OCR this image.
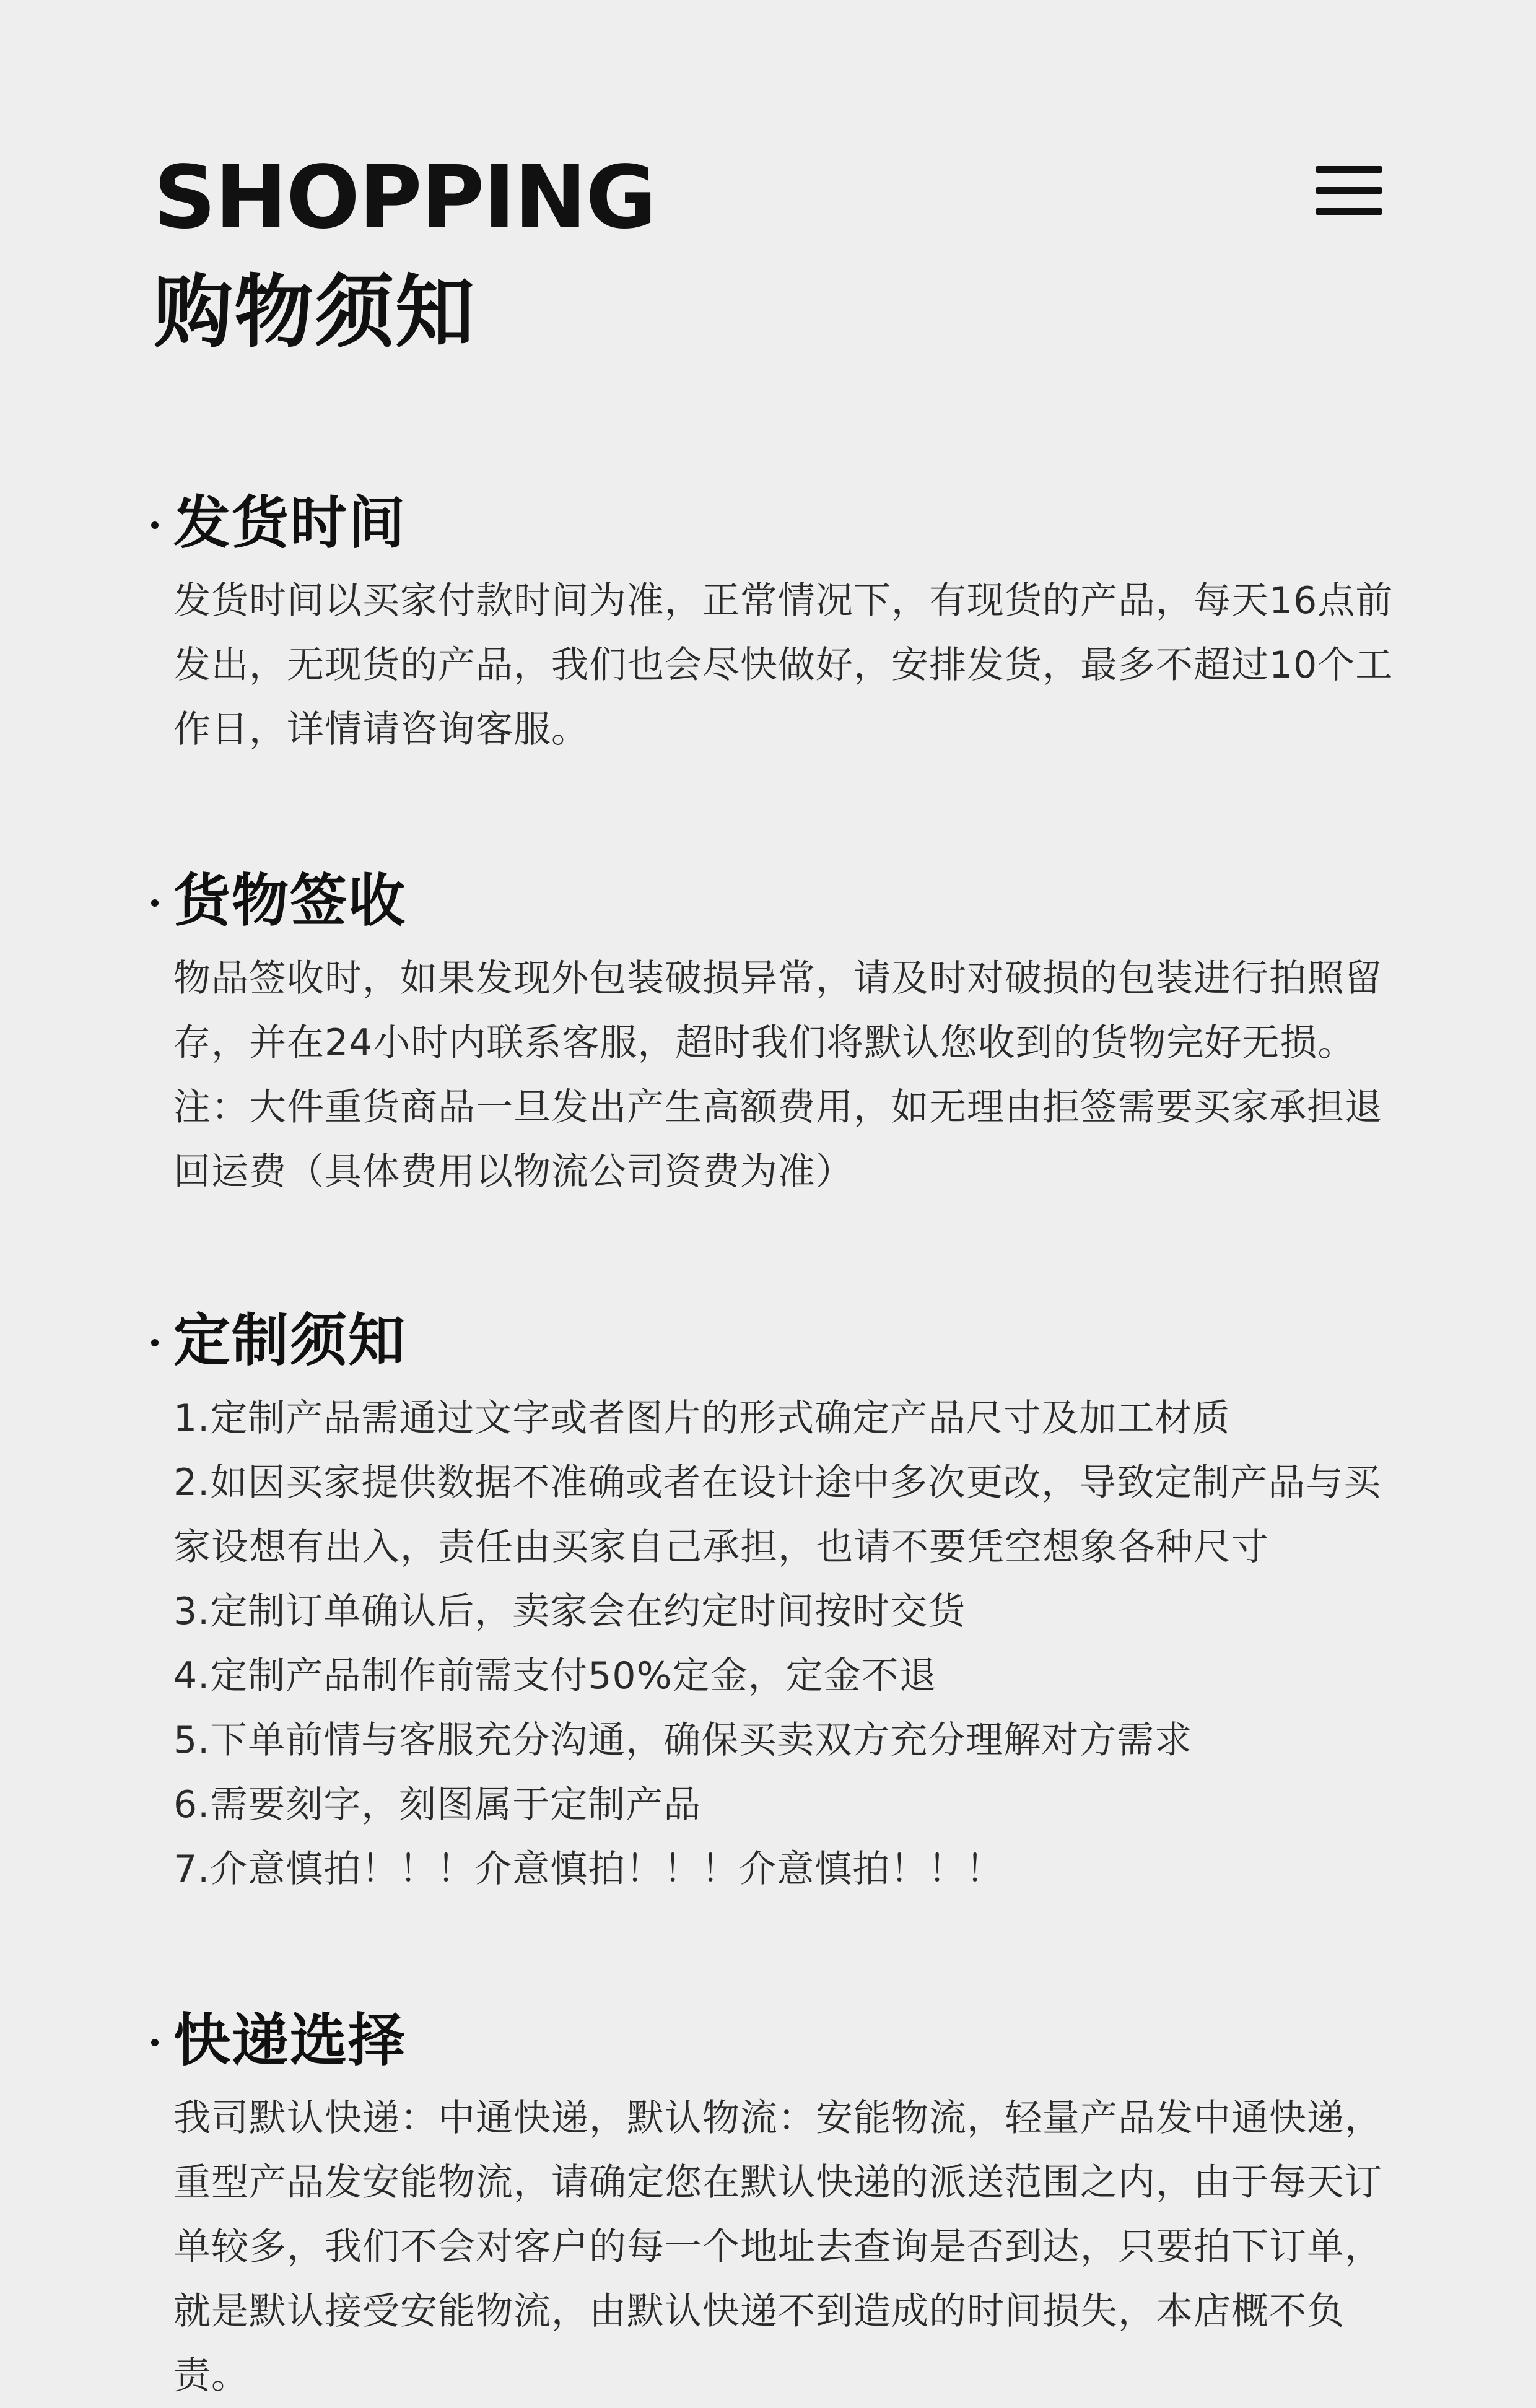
SHOPPING
购物须知
发货时间

发货时间以买家付款时间为准，正常情况下，有现货的产品，每天16点前发出，无现货的产品，我们也会尽快做好，安排发货，最多不超过10个工作日，详情请咨询客服。

货物签收

物品签收时，如果发现外包装破损异常，请及时对破损的包装进行拍照留存，并在24小时内联系客服，超时我们将默认您收到的货物完好无损。注：大件重货商品一旦发出产生高额费用，如无理由拒签需要买家承担退回运费（具体费用以物流公司资费为准）

定制须知

1.定制产品需通过文字或者图片的形式确定产品尺寸及加工材质

2.如因买家提供数据不准确或者在设计途中多次更改，导致定制产品与买家设想有出入，责任由买家自己承担，也请不要凭空想象各种尺寸

3.定制订单确认后，卖家会在约定时间按时交货

4.定制产品制作前需支付50%定金，定金不退

5.下单前情与客服充分沟通，确保买卖双方充分理解对方需求

6.需要刻字，刻图属于定制产品

7.介意慎拍！！！介意慎拍！！！介意慎拍！！！

快递选择

我司默认快递：中通快递，默认物流：安能物流，轻量产品发中通快递，重型产品发安能物流，请确定您在默认快递的派送范围之内，由于每天订单较多，我们不会对客户的每一个地址去查询是否到达，只要拍下订单，就是默认接受安能物流，由默认快递不到造成的时间损失，本店概不负责。
